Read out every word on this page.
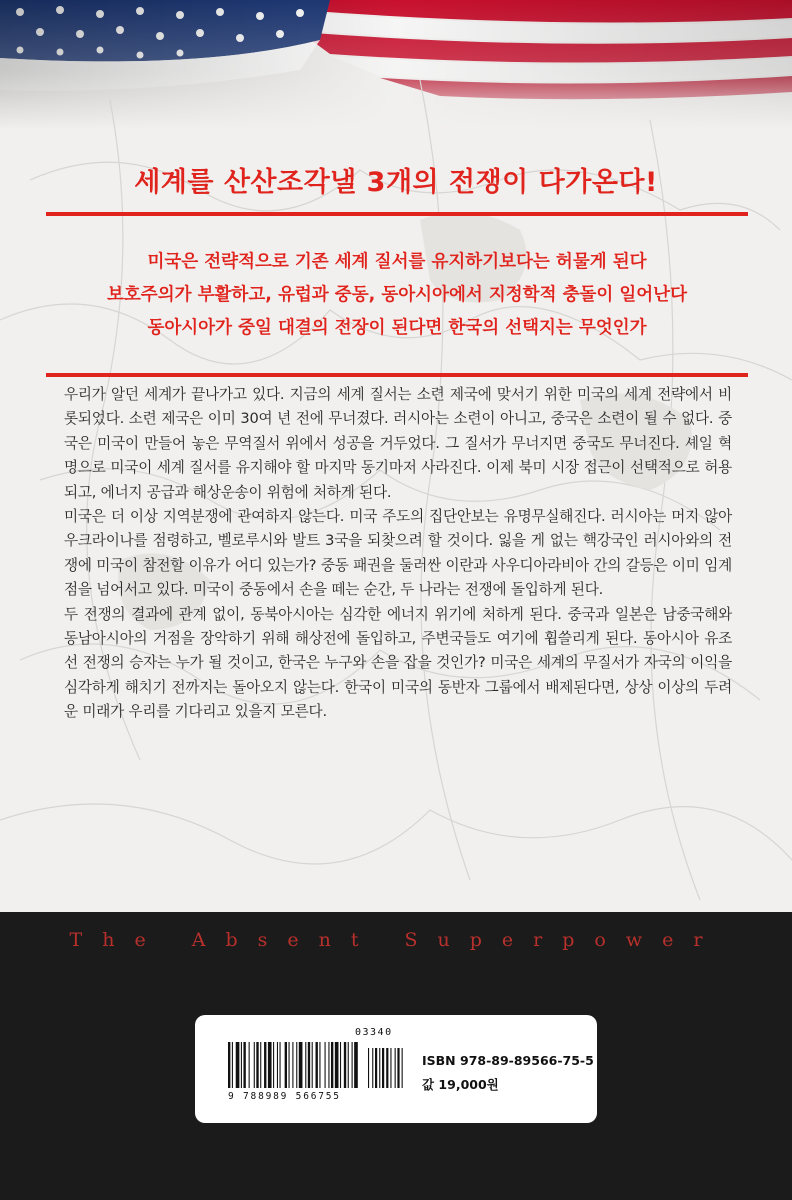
세계를 산산조각낼 3개의 전쟁이 다가온다!
미국은 전략적으로 기존 세계 질서를 유지하기보다는 허물게 된다
보호주의가 부활하고, 유럽과 중동, 동아시아에서 지정학적 충돌이 일어난다
동아시아가 중일 대결의 전장이 된다면 한국의 선택지는 무엇인가

우리가 알던 세계가 끝나가고 있다. 지금의 세계 질서는 소련 제국에 맞서기 위한 미국의 세계 전략에서 비롯되었다. 소련 제국은 이미 30여 년 전에 무너졌다. 러시아는 소련이 아니고, 중국은 소련이 될 수 없다. 중국은 미국이 만들어 놓은 무역질서 위에서 성공을 거두었다. 그 질서가 무너지면 중국도 무너진다. 셰일 혁명으로 미국이 세계 질서를 유지해야 할 마지막 동기마저 사라진다. 이제 북미 시장 접근이 선택적으로 허용되고, 에너지 공급과 해상운송이 위험에 처하게 된다.

미국은 더 이상 지역분쟁에 관여하지 않는다. 미국 주도의 집단안보는 유명무실해진다. 러시아는 머지 않아 우크라이나를 점령하고, 벨로루시와 발트 3국을 되찾으려 할 것이다. 잃을 게 없는 핵강국인 러시아와의 전쟁에 미국이 참전할 이유가 어디 있는가? 중동 패권을 둘러싼 이란과 사우디아라비아 간의 갈등은 이미 임계점을 넘어서고 있다. 미국이 중동에서 손을 떼는 순간, 두 나라는 전쟁에 돌입하게 된다.

두 전쟁의 결과에 관계 없이, 동북아시아는 심각한 에너지 위기에 처하게 된다. 중국과 일본은 남중국해와 동남아시아의 거점을 장악하기 위해 해상전에 돌입하고, 주변국들도 여기에 휩쓸리게 된다. 동아시아 유조선 전쟁의 승자는 누가 될 것이고, 한국은 누구와 손을 잡을 것인가? 미국은 세계의 무질서가 자국의 이익을 심각하게 해치기 전까지는 돌아오지 않는다. 한국이 미국의 동반자 그룹에서 배제된다면, 상상 이상의 두려운 미래가 우리를 기다리고 있을지 모른다.

The Absent Superpower
03340
9 788989 566755
ISBN 978-89-89566-75-5
값 19,000원
